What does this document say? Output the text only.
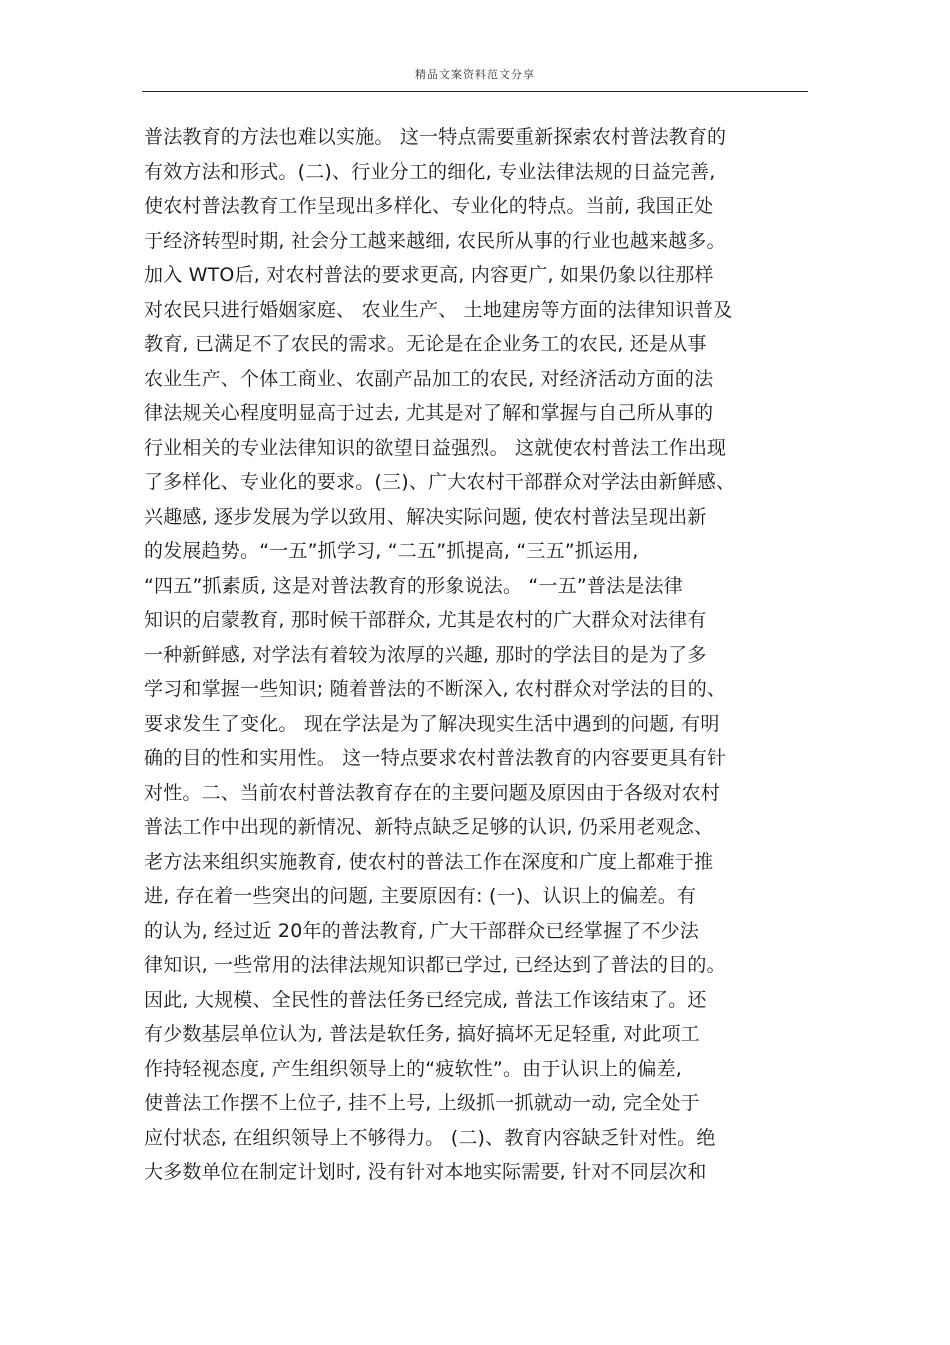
精品文案资料范文分享
普法教育的方法也难以实施。 这一特点需要重新探索农村普法教育的
有效方法和形式。(二)、行业分工的细化, 专业法律法规的日益完善,
使农村普法教育工作呈现出多样化、专业化的特点。当前, 我国正处
于经济转型时期, 社会分工越来越细, 农民所从事的行业也越来越多。
加入 WTO后, 对农村普法的要求更高, 内容更广, 如果仍象以往那样
对农民只进行婚姻家庭、 农业生产、 土地建房等方面的法律知识普及
教育, 已满足不了农民的需求。无论是在企业务工的农民, 还是从事
农业生产、个体工商业、农副产品加工的农民, 对经济活动方面的法
律法规关心程度明显高于过去, 尤其是对了解和掌握与自己所从事的
行业相关的专业法律知识的欲望日益强烈。 这就使农村普法工作出现
了多样化、专业化的要求。(三)、广大农村干部群众对学法由新鲜感、
兴趣感, 逐步发展为学以致用、解决实际问题, 使农村普法呈现出新
的发展趋势。“一五”抓学习, “二五”抓提高, “三五”抓运用,
“四五”抓素质, 这是对普法教育的形象说法。 “一五”普法是法律
知识的启蒙教育, 那时候干部群众, 尤其是农村的广大群众对法律有
一种新鲜感, 对学法有着较为浓厚的兴趣, 那时的学法目的是为了多
学习和掌握一些知识; 随着普法的不断深入, 农村群众对学法的目的、
要求发生了变化。 现在学法是为了解决现实生活中遇到的问题, 有明
确的目的性和实用性。 这一特点要求农村普法教育的内容要更具有针
对性。二、当前农村普法教育存在的主要问题及原因由于各级对农村
普法工作中出现的新情况、新特点缺乏足够的认识, 仍采用老观念、
老方法来组织实施教育, 使农村的普法工作在深度和广度上都难于推
进, 存在着一些突出的问题, 主要原因有: (一)、认识上的偏差。有
的认为, 经过近 20年的普法教育, 广大干部群众已经掌握了不少法
律知识, 一些常用的法律法规知识都已学过, 已经达到了普法的目的。
因此, 大规模、全民性的普法任务已经完成, 普法工作该结束了。还
有少数基层单位认为, 普法是软任务, 搞好搞坏无足轻重, 对此项工
作持轻视态度, 产生组织领导上的“疲软性”。由于认识上的偏差,
使普法工作摆不上位子, 挂不上号, 上级抓一抓就动一动, 完全处于
应付状态, 在组织领导上不够得力。 (二)、教育内容缺乏针对性。绝
大多数单位在制定计划时, 没有针对本地实际需要, 针对不同层次和
